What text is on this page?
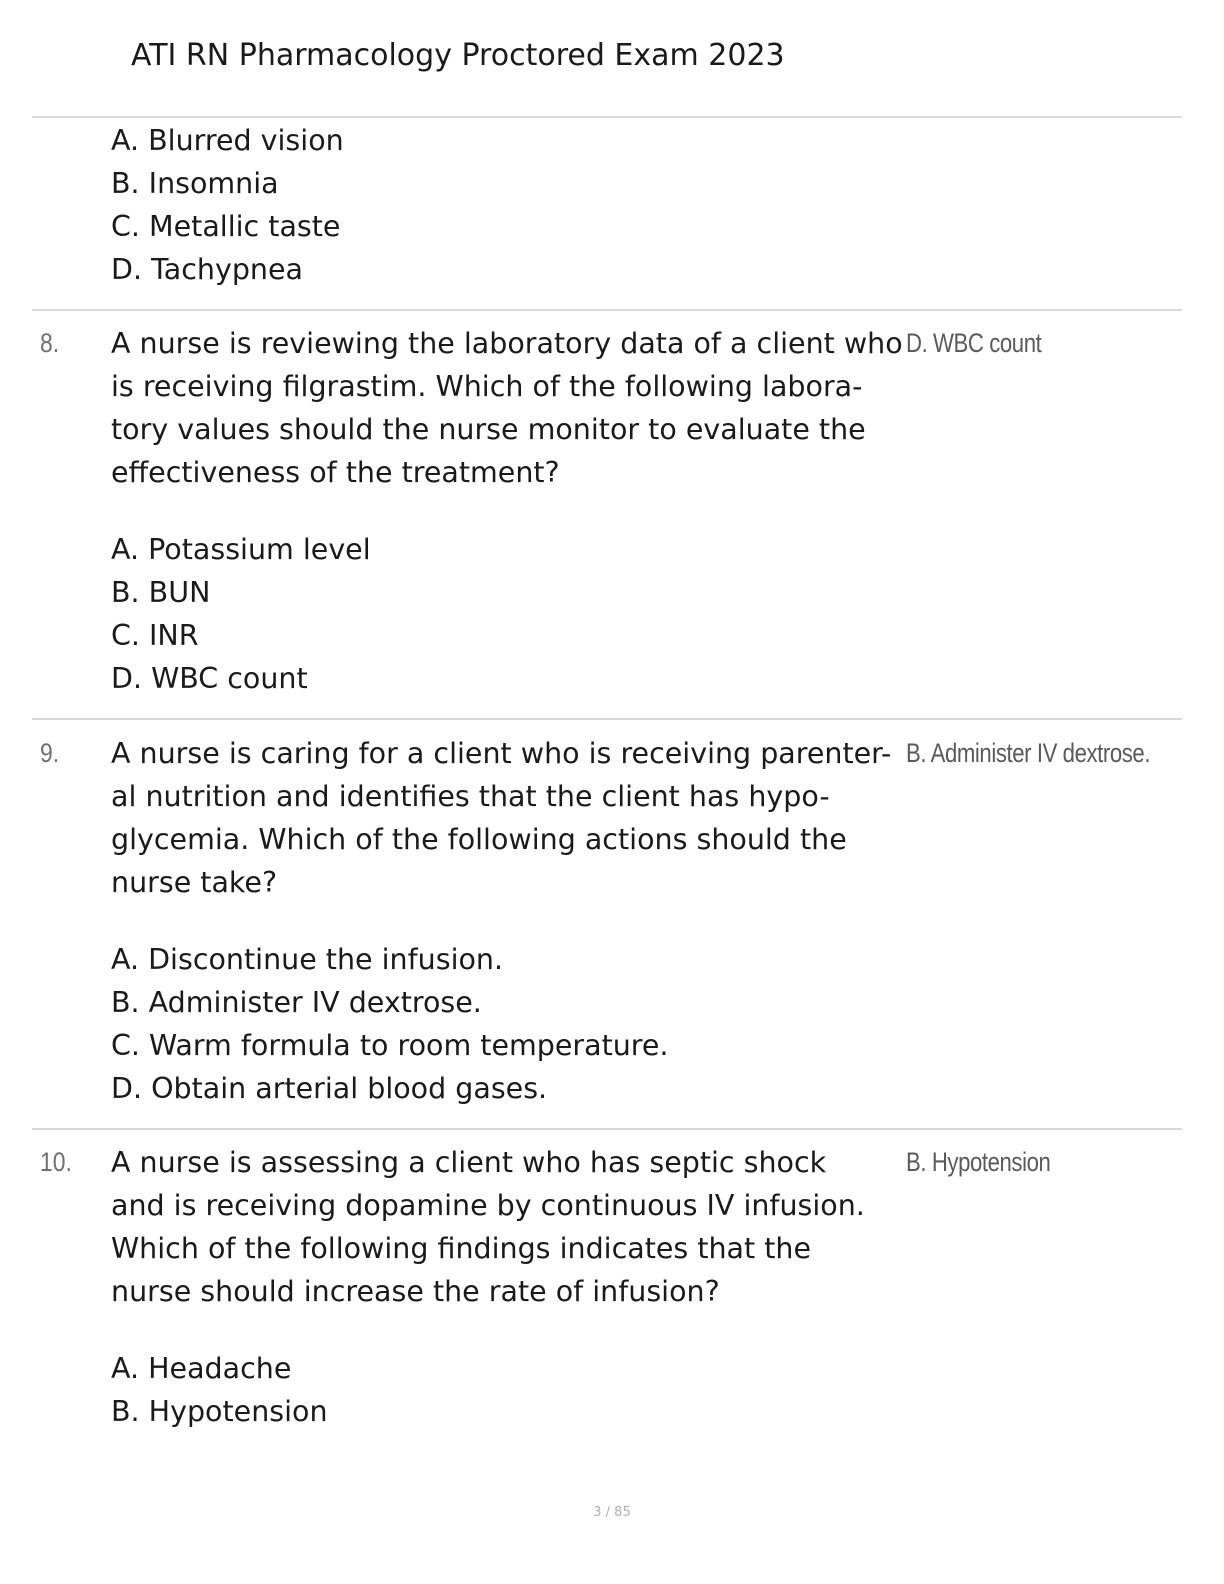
ATI RN Pharmacology Proctored Exam 2023
A. Blurred vision
B. Insomnia
C. Metallic taste
D. Tachypnea
8. A nurse is reviewing the laboratory data of a client who
is receiving filgrastim. Which of the following labora-
tory values should the nurse monitor to evaluate the
effectiveness of the treatment?
D. WBC count
A. Potassium level
B. BUN
C. INR
D. WBC count
9. A nurse is caring for a client who is receiving parenter-
al nutrition and identifies that the client has hypo-
glycemia. Which of the following actions should the
nurse take?
B. Administer IV dextrose.
A. Discontinue the infusion.
B. Administer IV dextrose.
C. Warm formula to room temperature.
D. Obtain arterial blood gases.
10. A nurse is assessing a client who has septic shock
and is receiving dopamine by continuous IV infusion.
Which of the following findings indicates that the
nurse should increase the rate of infusion?
B. Hypotension
A. Headache
B. Hypotension
3 / 85
